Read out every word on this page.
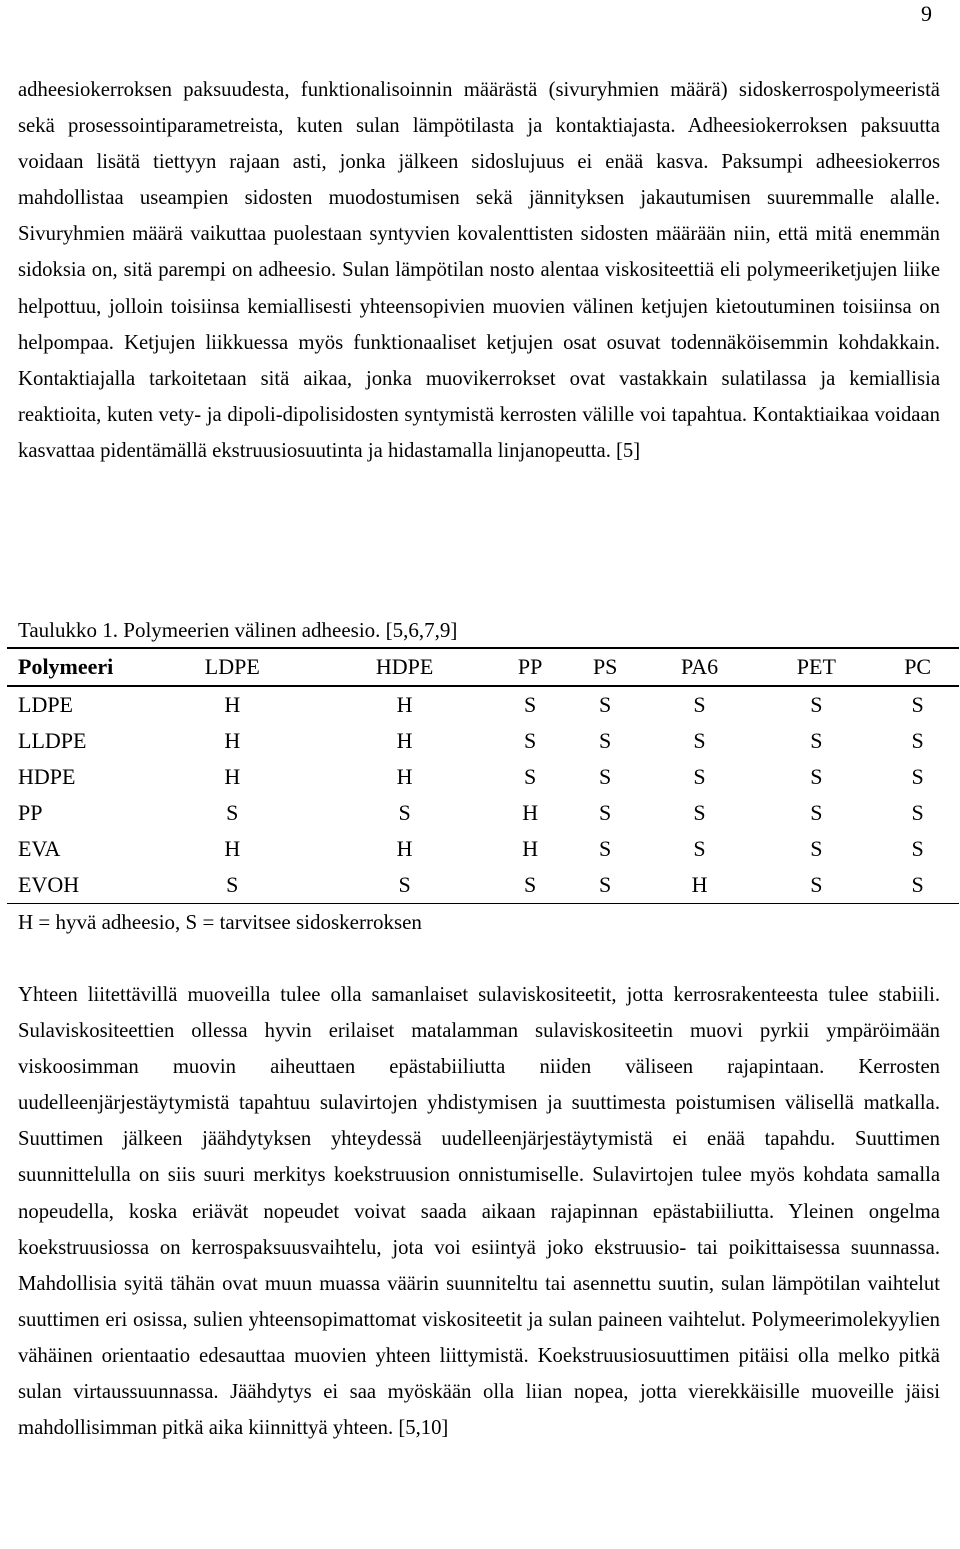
9

adheesiokerroksen paksuudesta, funktionalisoinnin määrästä (sivuryhmien määrä) sidoskerrospolymeeristä sekä prosessointiparametreista, kuten sulan lämpötilasta ja kontaktiajasta. Adheesiokerroksen paksuutta voidaan lisätä tiettyyn rajaan asti, jonka jälkeen sidoslujuus ei enää kasva. Paksumpi adheesiokerros mahdollistaa useampien sidosten muodostumisen sekä jännityksen jakautumisen suuremmalle alalle. Sivuryhmien määrä vaikuttaa puolestaan syntyvien kovalenttisten sidosten määrään niin, että mitä enemmän sidoksia on, sitä parempi on adheesio. Sulan lämpötilan nosto alentaa viskositeettiä eli polymeeriketjujen liike helpottuu, jolloin toisiinsa kemiallisesti yhteensopivien muovien välinen ketjujen kietoutuminen toisiinsa on helpompaa. Ketjujen liikkuessa myös funktionaaliset ketjujen osat osuvat todennäköisemmin kohdakkain. Kontaktiajalla tarkoitetaan sitä aikaa, jonka muovikerrokset ovat vastakkain sulatilassa ja kemiallisia reaktioita, kuten vety- ja dipoli-dipolisidosten syntymistä kerrosten välille voi tapahtua. Kontaktiaikaa voidaan kasvattaa pidentämällä ekstruusiosuutinta ja hidastamalla linjanopeutta. [5]

Taulukko 1. Polymeerien välinen adheesio. [5,6,7,9]

Polymeeri	LDPE	HDPE	PP	PS	PA6	PET	PC
LDPE	H	H	S	S	S	S	S
LLDPE	H	H	S	S	S	S	S
HDPE	H	H	S	S	S	S	S
PP	S	S	H	S	S	S	S
EVA	H	H	H	S	S	S	S
EVOH	S	S	S	S	H	S	S
H = hyvä adheesio, S = tarvitsee sidoskerroksen							

Yhteen liitettävillä muoveilla tulee olla samanlaiset sulaviskositeetit, jotta kerrosrakenteesta tulee stabiili. Sulaviskositeettien ollessa hyvin erilaiset matalamman sulaviskositeetin muovi pyrkii ympäröimään viskoosimman muovin aiheuttaen epästabiiliutta niiden väliseen rajapintaan. Kerrosten uudelleenjärjestäytymistä tapahtuu sulavirtojen yhdistymisen ja suuttimesta poistumisen välisellä matkalla. Suuttimen jälkeen jäähdytyksen yhteydessä uudelleenjärjestäytymistä ei enää tapahdu. Suuttimen suunnittelulla on siis suuri merkitys koekstruusion onnistumiselle. Sulavirtojen tulee myös kohdata samalla nopeudella, koska eriävät nopeudet voivat saada aikaan rajapinnan epästabiiliutta. Yleinen ongelma koekstruusiossa on kerrospaksuusvaihtelu, jota voi esiintyä joko ekstruusio- tai poikittaisessa suunnassa. Mahdollisia syitä tähän ovat muun muassa väärin suunniteltu tai asennettu suutin, sulan lämpötilan vaihtelut suuttimen eri osissa, sulien yhteensopimattomat viskositeetit ja sulan paineen vaihtelut. Polymeerimolekyylien vähäinen orientaatio edesauttaa muovien yhteen liittymistä. Koekstruusiosuuttimen pitäisi olla melko pitkä sulan virtaussuunnassa. Jäähdytys ei saa myöskään olla liian nopea, jotta vierekkäisille muoveille jäisi mahdollisimman pitkä aika kiinnittyä yhteen. [5,10]
